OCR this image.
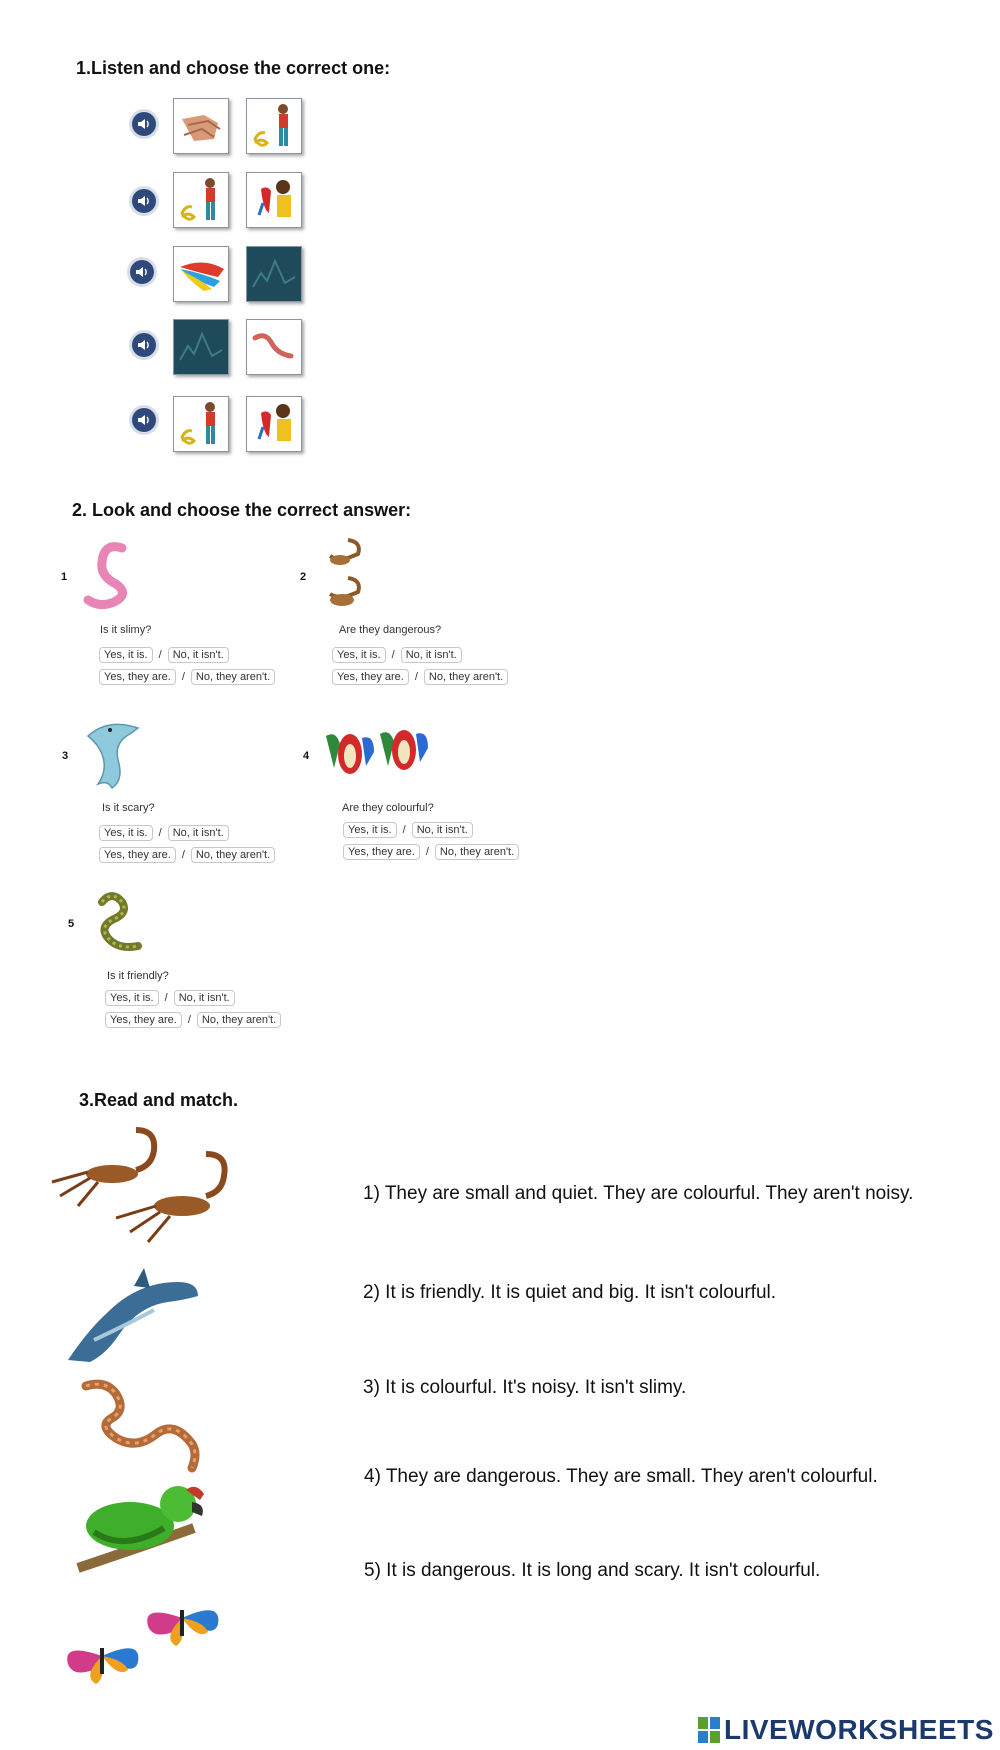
1.Listen and choose the correct one:
2. Look and choose the correct answer:
1
Is it slimy?
Yes, it is.	/	No, it isn't.
Yes, they are.	/	No, they aren't.
2
Are they dangerous?
Yes, it is.	/	No, it isn't.
Yes, they are.	/	No, they aren't.
3
Is it scary?
Yes, it is.	/	No, it isn't.
Yes, they are.	/	No, they aren't.
4
Are they colourful?
Yes, it is.	/	No, it isn't.
Yes, they are.	/	No, they aren't.
5
Is it friendly?
Yes, it is.	/	No, it isn't.
Yes, they are.	/	No, they aren't.
3.Read and match.
1) They are small and quiet. They are colourful. They aren't noisy.
2) It is friendly. It is quiet and big. It isn't colourful.
3) It is colourful. It's noisy. It isn't slimy.
4) They are dangerous. They are small. They aren't colourful.
5) It is dangerous. It is long and scary. It isn't colourful.
LIVEWORKSHEETS
